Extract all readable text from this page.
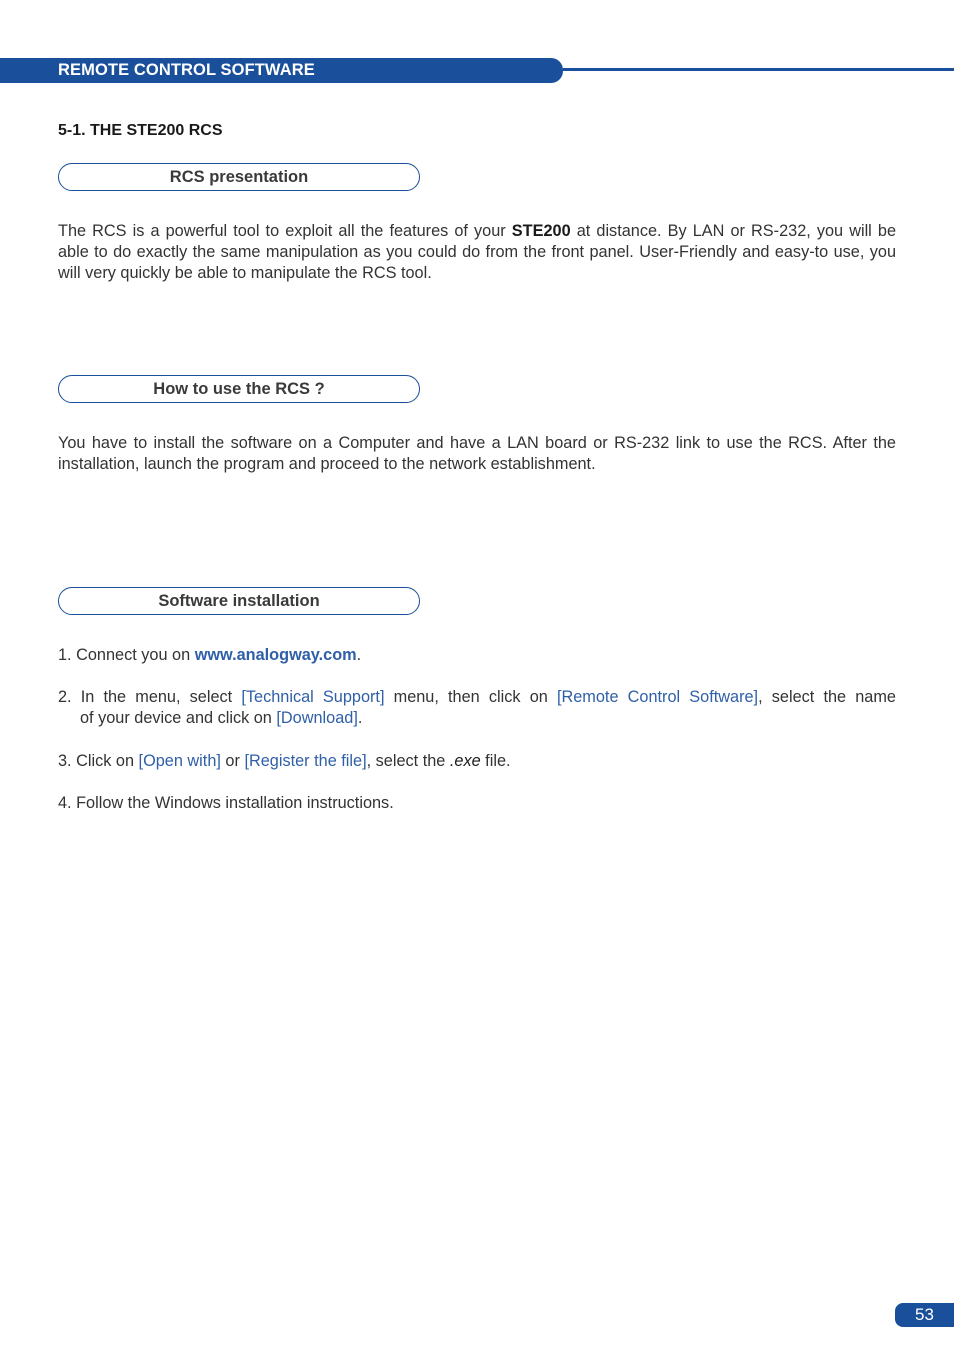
REMOTE CONTROL SOFTWARE
5-1. THE STE200 RCS
RCS presentation
The RCS is a powerful tool to exploit all the features of your STE200 at distance. By LAN or RS-232, you will be able to do exactly the same manipulation as you could do from the front panel. User-Friendly and easy-to use, you will very quickly be able to manipulate the RCS tool.
How to use the RCS ?
You have to install the software on a Computer and have a LAN board or RS-232 link to use the RCS. After the installation, launch the program and proceed to the network establishment.
Software installation
1. Connect you on www.analogway.com.
2. In the menu, select [Technical Support] menu, then click on [Remote Control Software], select the name
of your device and click on [Download].
3. Click on [Open with] or [Register the file], select the .exe file.
4. Follow the Windows installation instructions.
53
